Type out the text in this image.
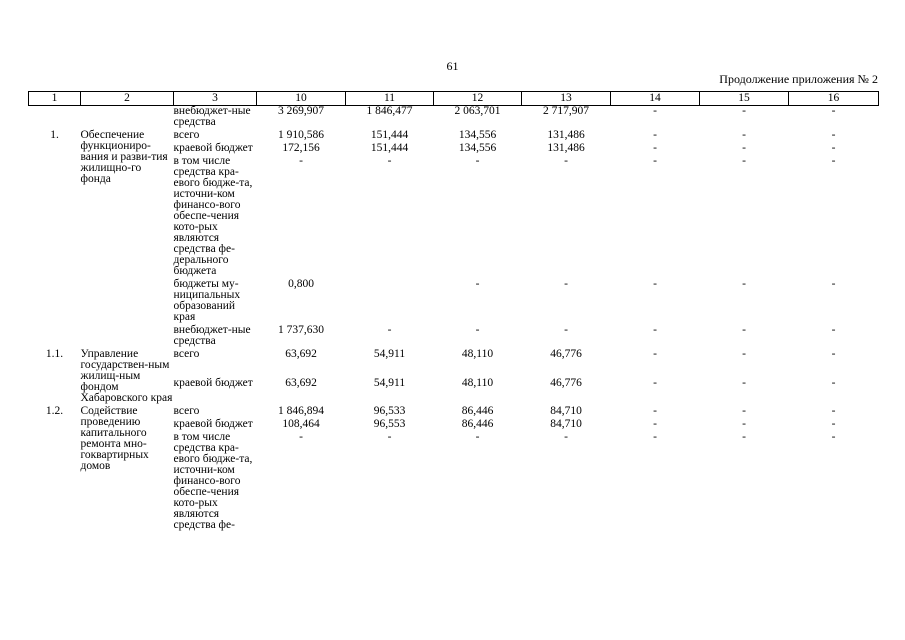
61
Продолжение приложения № 2
1	2	3	10	11	12	13	14	15	16
		внебюджет-ные средства	3 269,907	1 846,477	2 063,701	2 717,907	-	-	-
1.	Обеспечение функциониро-вания и разви-тия жилищно-го фонда	всего	1 910,586	151,444	134,556	131,486	-	-	-
		краевой бюджет	172,156	151,444	134,556	131,486	-	-	-
		в том числе средства кра-евого бюдже-та, источни-ком финансо-вого обеспе-чения кото-рых являются средства фе-дерального бюджета	-	-	-	-	-	-	-
		бюджеты му-ниципальных образований края	0,800		-	-	-	-	-
		внебюджет-ные средства	1 737,630	-	-	-	-	-	-
1.1.	Управление государствен-ным жилищ-ным фондом Хабаровского края	всего	63,692	54,911	48,110	46,776	-	-	-
		краевой бюджет	63,692	54,911	48,110	46,776	-	-	-
1.2.	Содействие проведению капитального ремонта мно-гоквартирных домов	всего	1 846,894	96,533	86,446	84,710	-	-	-
		краевой бюджет	108,464	96,553	86,446	84,710	-	-	-
		в том числе средства кра-евого бюдже-та, источни-ком финансо-вого обеспе-чения кото-рых являются средства фе-	-	-	-	-	-	-	-
